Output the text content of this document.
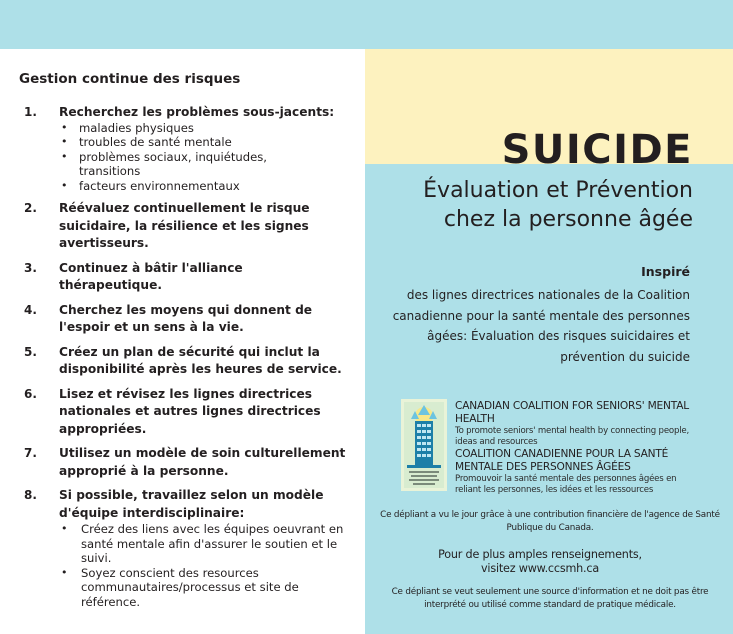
Gestion continue des risques
1. Recherchez les problèmes sous-jacents:
• maladies physiques
• troubles de santé mentale
• problèmes sociaux, inquiétudes, transitions
• facteurs environnementaux
2. Réévaluez continuellement le risque suicidaire, la résilience et les signes avertisseurs.
3. Continuez à bâtir l'alliance thérapeutique.
4. Cherchez les moyens qui donnent de l'espoir et un sens à la vie.
5. Créez un plan de sécurité qui inclut la disponibilité après les heures de service.
6. Lisez et révisez les lignes directrices nationales et autres lignes directrices appropriées.
7. Utilisez un modèle de soin culturellement approprié à la personne.
8. Si possible, travaillez selon un modèle d'équipe interdisciplinaire:
• Créez des liens avec les équipes oeuvrant en santé mentale afin d'assurer le soutien et le suivi.
• Soyez conscient des resources communautaires/processus et site de référence.
SUICIDE
Évaluation et Prévention
chez la personne âgée
Inspiré
des lignes directrices nationales de la Coalition canadienne pour la santé mentale des personnes âgées: Évaluation des risques suicidaires et prévention du suicide
CANADIAN COALITION FOR SENIORS' MENTAL HEALTH
To promote seniors' mental health by connecting people, ideas and resources
COALITION CANADIENNE POUR LA SANTÉ MENTALE DES PERSONNES ÂGÉES
Promouvoir la santé mentale des personnes âgées en reliant les personnes, les idées et les ressources
Ce dépliant a vu le jour grâce à une contribution financière de l'agence de Santé Publique du Canada.
Pour de plus amples renseignements,
visitez www.ccsmh.ca
Ce dépliant se veut seulement une source d'information et ne doit pas être interprété ou utilisé comme standard de pratique médicale.
